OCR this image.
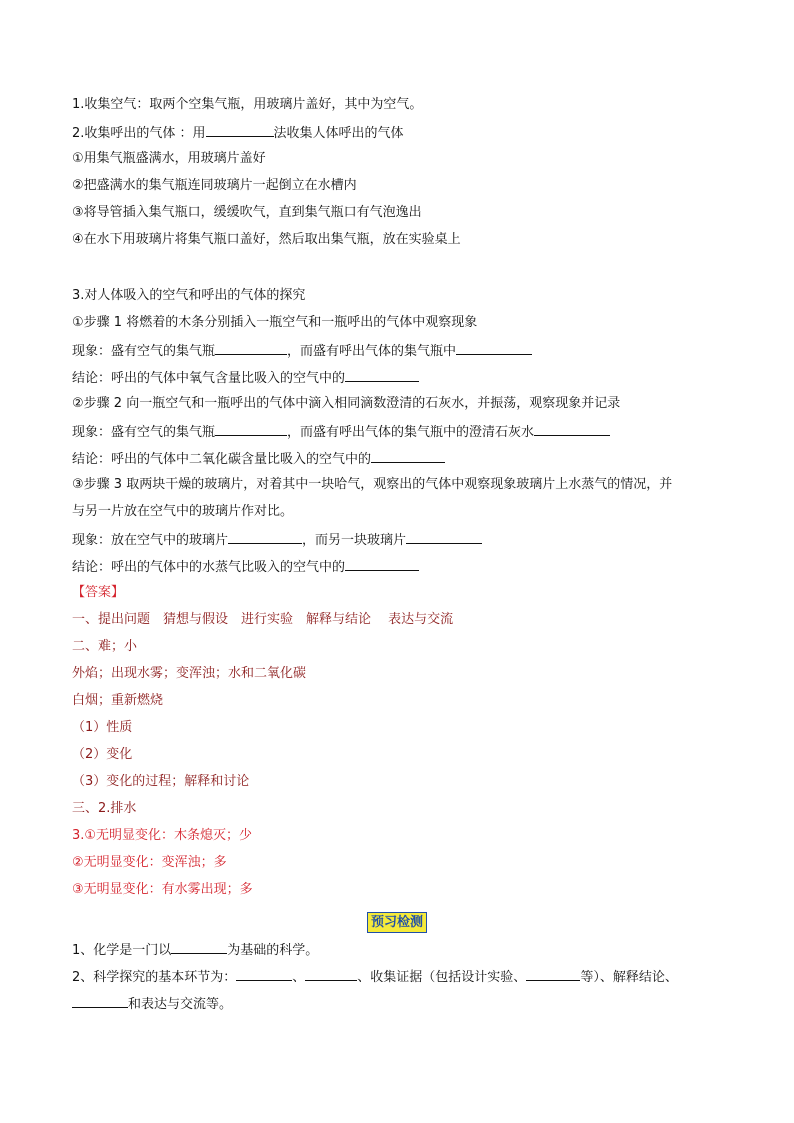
1.收集空气：取两个空集气瓶，用玻璃片盖好，其中为空气。
2.收集呼出的气体 ：用	法收集人体呼出的气体
①用集气瓶盛满水，用玻璃片盖好
②把盛满水的集气瓶连同玻璃片一起倒立在水槽内
③将导管插入集气瓶口，缓缓吹气，直到集气瓶口有气泡逸出
④在水下用玻璃片将集气瓶口盖好，然后取出集气瓶，放在实验桌上
3.对人体吸入的空气和呼出的气体的探究
①步骤 1 将燃着的木条分别插入一瓶空气和一瓶呼出的气体中观察现象
现象：盛有空气的集气瓶	，而盛有呼出气体的集气瓶中
结论：呼出的气体中氧气含量比吸入的空气中的
②步骤 2 向一瓶空气和一瓶呼出的气体中滴入相同滴数澄清的石灰水，并振荡，观察现象并记录
现象：盛有空气的集气瓶	，而盛有呼出气体的集气瓶中的澄清石灰水
结论：呼出的气体中二氧化碳含量比吸入的空气中的
③步骤 3 取两块干燥的玻璃片，对着其中一块哈气，观察出的气体中观察现象玻璃片上水蒸气的情况，并
与另一片放在空气中的玻璃片作对比。
现象：放在空气中的玻璃片	，而另一块玻璃片
结论：呼出的气体中的水蒸气比吸入的空气中的
【答案】
一、提出问题　猜想与假设　进行实验　解释与结论　 表达与交流
二、难；小
外焰；出现水雾；变浑浊；水和二氧化碳
白烟；重新燃烧
（1）性质
（2）变化
（3）变化的过程；解释和讨论
三、2.排水
3.①无明显变化：木条熄灭；少
②无明显变化：变浑浊；多
③无明显变化：有水雾出现；多
预习检测
1、化学是一门以	为基础的科学。
2、科学探究的基本环节为：	、	、收集证据（包括设计实验、	等）、解释结论、
和表达与交流等。
